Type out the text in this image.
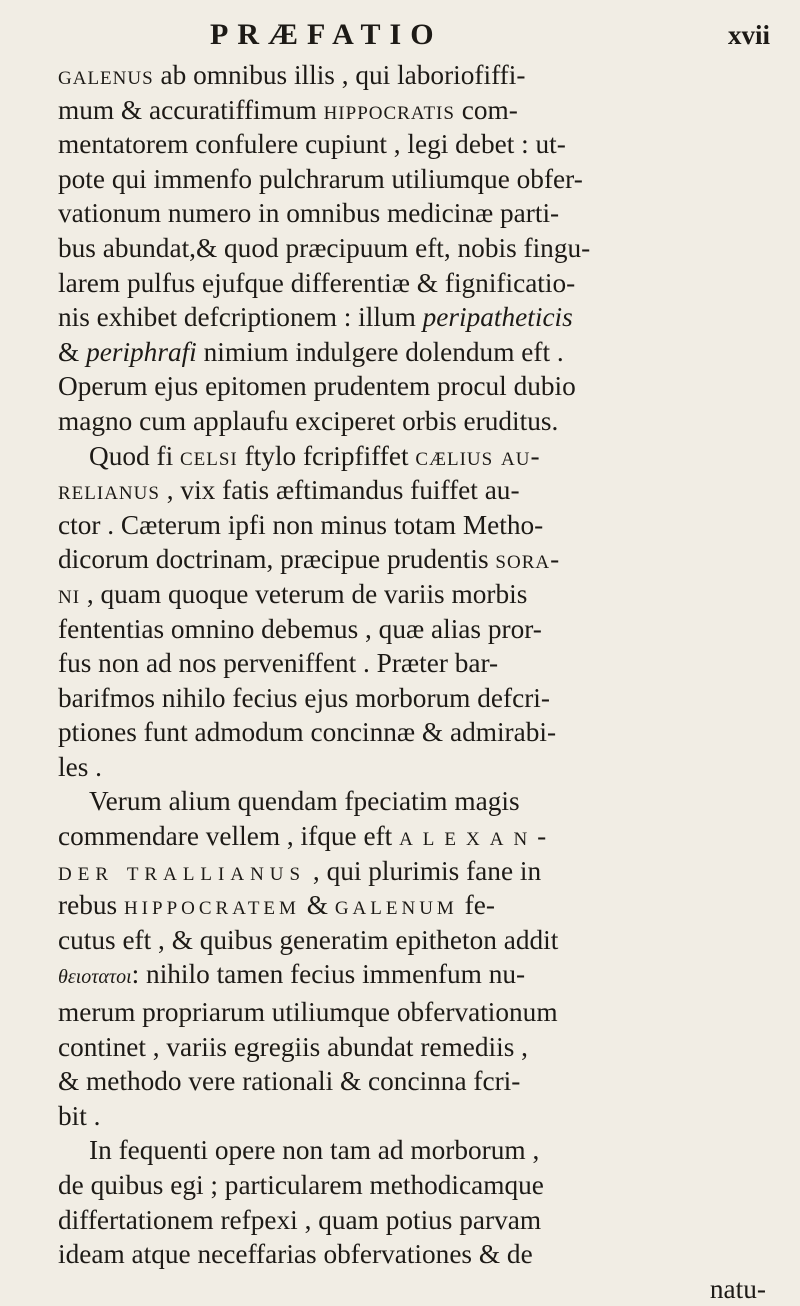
PRÆFATIO	xvii
galenus ab omnibus illis , qui laboriofiffi-
mum & accuratiffimum hippocratis com-
mentatorem confulere cupiunt , legi debet : ut-
pote qui immenfo pulchrarum utiliumque obfer-
vationum numero in omnibus medicinæ parti-
bus abundat,& quod præcipuum eft, nobis fingu-
larem pulfus ejufque differentiæ & fignificatio-
nis exhibet defcriptionem : illum peripatheticis
& periphrafi nimium indulgere dolendum eft .
Operum ejus epitomen prudentem procul dubio
magno cum applaufu exciperet orbis eruditus.
Quod fi celsi ftylo fcripfiffet cælius au-
relianus , vix fatis æftimandus fuiffet au-
ctor . Cæterum ipfi non minus totam Metho-
dicorum doctrinam, præcipue prudentis sora-
ni , quam quoque veterum de variis morbis
fententias omnino debemus , quæ alias pror-
fus non ad nos perveniffent . Præter bar-
barifmos nihilo fecius ejus morborum defcri-
ptiones funt admodum concinnæ & admirabi-
les .
Verum alium quendam fpeciatim magis
commendare vellem , ifque eft alexan-
der trallianus , qui plurimis fane in
rebus hippocratem & galenum fe-
cutus eft , & quibus generatim epitheton addit
θειοτατοι: nihilo tamen fecius immenfum nu-
merum propriarum utiliumque obfervationum
continet , variis egregiis abundat remediis ,
& methodo vere rationali & concinna fcri-
bit .
In fequenti opere non tam ad morborum ,
de quibus egi ; particularem methodicamque
differtationem refpexi , quam potius parvam
ideam atque neceffarias obfervationes & de
natu-
